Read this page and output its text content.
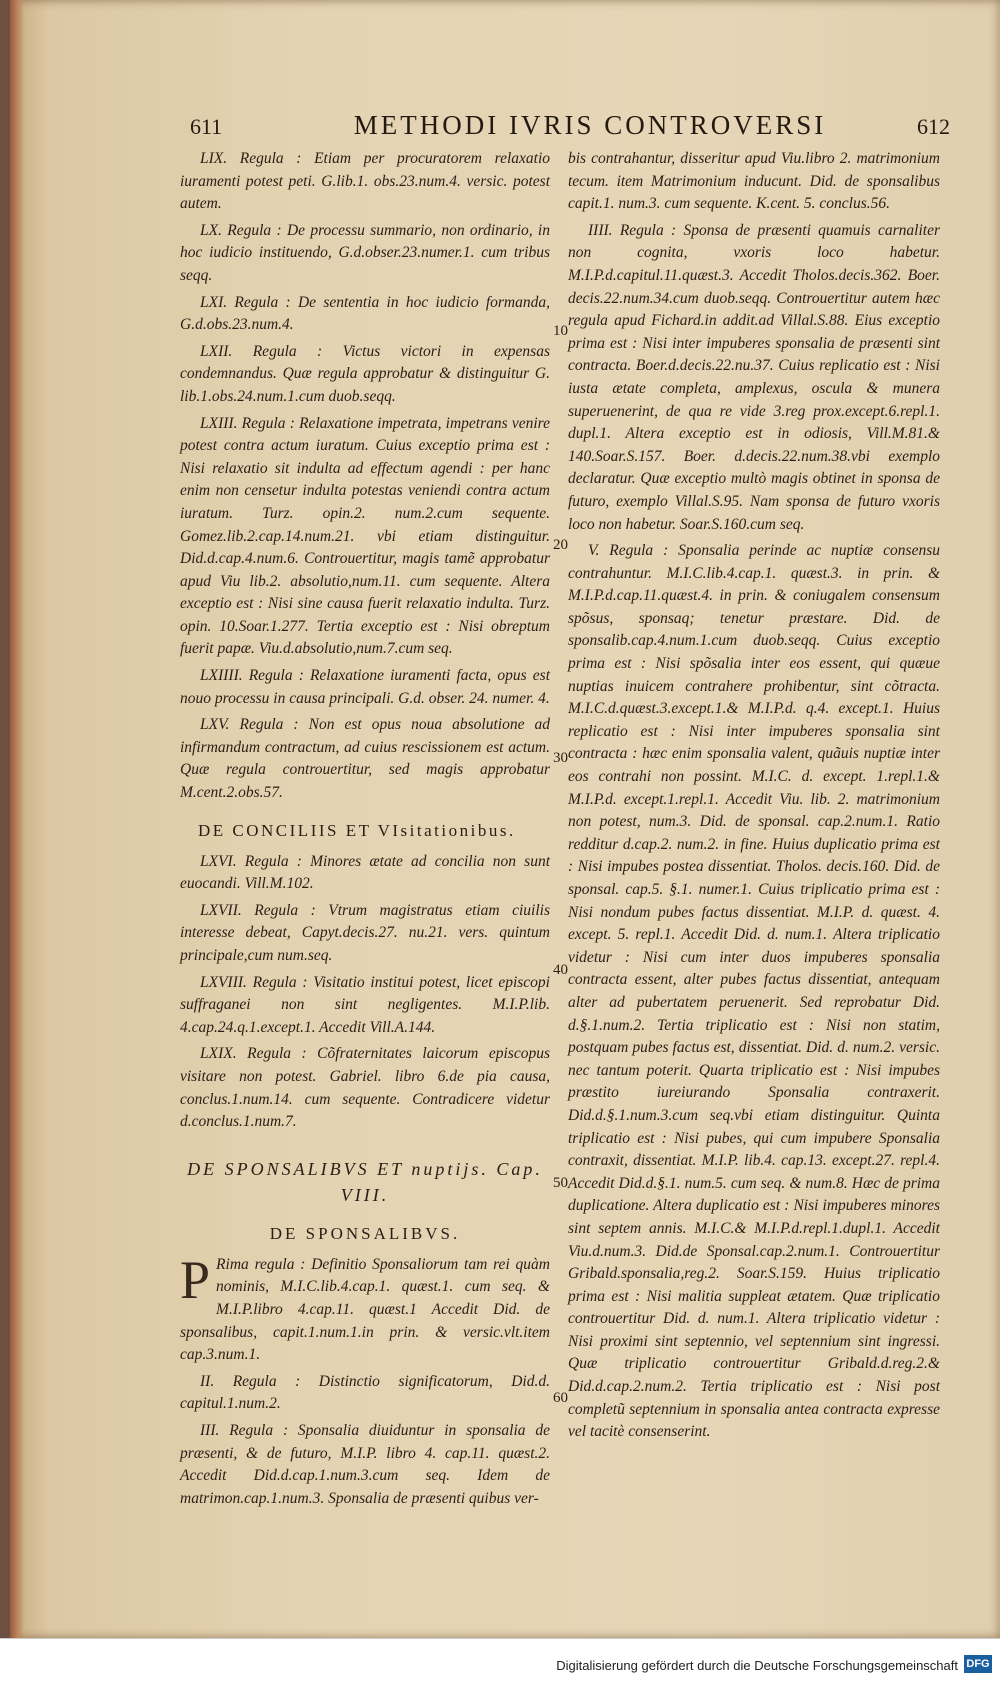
611	METHODI IVRIS CONTROVERSI	612

LIX. Regula : Etiam per procuratorem relaxatio iuramenti potest peti. G.lib.1. obs.23.num.4. versic. potest autem.

LX. Regula : De processu summario, non ordinario, in hoc iudicio instituendo, G.d.obser.23.numer.1. cum tribus seqq.

LXI. Regula : De sententia in hoc iudicio formanda, G.d.obs.23.num.4.

LXII. Regula : Victus victori in expensas condemnandus. Quæ regula approbatur & distinguitur G. lib.1.obs.24.num.1.cum duob.seqq.

LXIII. Regula : Relaxatione impetrata, impetrans venire potest contra actum iuratum. Cuius exceptio prima est : Nisi relaxatio sit indulta ad effectum agendi : per hanc enim non censetur indulta potestas veniendi contra actum iuratum. Turz. opin.2. num.2.cum sequente. Gomez.lib.2.cap.14.num.21. vbi etiam distinguitur. Did.d.cap.4.num.6. Controuertitur, magis tamẽ approbatur apud Viu lib.2. absolutio,num.11. cum sequente. Altera exceptio est : Nisi sine causa fuerit relaxatio indulta. Turz. opin. 10.Soar.1.277. Tertia exceptio est : Nisi obreptum fuerit papæ. Viu.d.absolutio,num.7.cum seq.

LXIIII. Regula : Relaxatione iuramenti facta, opus est nouo processu in causa principali. G.d. obser. 24. numer. 4.

LXV. Regula : Non est opus noua absolutione ad infirmandum contractum, ad cuius rescissionem est actum. Quæ regula controuertitur, sed magis approbatur M.cent.2.obs.57.

DE CONCILIIS ET VIsitationibus.

LXVI. Regula : Minores ætate ad concilia non sunt euocandi. Vill.M.102.

LXVII. Regula : Vtrum magistratus etiam ciuilis interesse debeat, Capyt.decis.27. nu.21. vers. quintum principale,cum num.seq.

LXVIII. Regula : Visitatio institui potest, licet episcopi suffraganei non sint negligentes. M.I.P.lib. 4.cap.24.q.1.except.1. Accedit Vill.A.144.

LXIX. Regula : Cõfraternitates laicorum episcopus visitare non potest. Gabriel. libro 6.de pia causa, conclus.1.num.14. cum sequente. Contradicere videtur d.conclus.1.num.7.

DE SPONSALIBVS ET nuptijs. Cap. VIII.
DE SPONSALIBVS.

P Rima regula : Definitio Sponsaliorum tam rei quàm nominis, M.I.C.lib.4.cap.1. quæst.1. cum seq. & M.I.P.libro 4.cap.11. quæst.1 Accedit Did. de sponsalibus, capit.1.num.1.in prin. & versic.vlt.item cap.3.num.1.

II. Regula : Distinctio significatorum, Did.d. capitul.1.num.2.

III. Regula : Sponsalia diuiduntur in sponsalia de præsenti, & de futuro, M.I.P. libro 4. cap.11. quæst.2. Accedit Did.d.cap.1.num.3.cum seq. Idem de matrimon.cap.1.num.3. Sponsalia de præsenti quibus ver-

bis contrahantur, disseritur apud Viu.libro 2. matrimonium tecum. item Matrimonium inducunt. Did. de sponsalibus capit.1. num.3. cum sequente. K.cent. 5. conclus.56.

IIII. Regula : Sponsa de præsenti quamuis carnaliter non cognita, vxoris loco habetur. M.I.P.d.capitul.11.quæst.3. Accedit Tholos.decis.362. Boer. decis.22.num.34.cum duob.seqq. Controuertitur autem hæc regula apud Fichard.in addit.ad Villal.S.88. Eius exceptio prima est : Nisi inter impuberes sponsalia de præsenti sint contracta. Boer.d.decis.22.nu.37. Cuius replicatio est : Nisi iusta ætate completa, amplexus, oscula & munera superuenerint, de qua re vide 3.reg prox.except.6.repl.1. dupl.1. Altera exceptio est in odiosis, Vill.M.81.& 140.Soar.S.157. Boer. d.decis.22.num.38.vbi exemplo declaratur. Quæ exceptio multò magis obtinet in sponsa de futuro, exemplo Villal.S.95. Nam sponsa de futuro vxoris loco non habetur. Soar.S.160.cum seq.

V. Regula : Sponsalia perinde ac nuptiæ consensu contrahuntur. M.I.C.lib.4.cap.1. quæst.3. in prin. & M.I.P.d.cap.11.quæst.4. in prin. & coniugalem consensum spõsus, sponsaq; tenetur præstare. Did. de sponsalib.cap.4.num.1.cum duob.seqq. Cuius exceptio prima est : Nisi spõsalia inter eos essent, qui quæue nuptias inuicem contrahere prohibentur, sint cõtracta. M.I.C.d.quæst.3.except.1.& M.I.P.d. q.4. except.1. Huius replicatio est : Nisi inter impuberes sponsalia sint contracta : hæc enim sponsalia valent, quãuis nuptiæ inter eos contrahi non possint. M.I.C. d. except. 1.repl.1.& M.I.P.d. except.1.repl.1. Accedit Viu. lib. 2. matrimonium non potest, num.3. Did. de sponsal. cap.2.num.1. Ratio redditur d.cap.2. num.2. in fine. Huius duplicatio prima est : Nisi impubes postea dissentiat. Tholos. decis.160. Did. de sponsal. cap.5. §.1. numer.1. Cuius triplicatio prima est : Nisi nondum pubes factus dissentiat. M.I.P. d. quæst. 4. except. 5. repl.1. Accedit Did. d. num.1. Altera triplicatio videtur : Nisi cum inter duos impuberes sponsalia contracta essent, alter pubes factus dissentiat, antequam alter ad pubertatem peruenerit. Sed reprobatur Did. d.§.1.num.2. Tertia triplicatio est : Nisi non statim, postquam pubes factus est, dissentiat. Did. d. num.2. versic. nec tantum poterit. Quarta triplicatio est : Nisi impubes præstito iureiurando Sponsalia contraxerit. Did.d.§.1.num.3.cum seq.vbi etiam distinguitur. Quinta triplicatio est : Nisi pubes, qui cum impubere Sponsalia contraxit, dissentiat. M.I.P. lib.4. cap.13. except.27. repl.4. Accedit Did.d.§.1. num.5. cum seq. & num.8. Hæc de prima duplicatione. Altera duplicatio est : Nisi impuberes minores sint septem annis. M.I.C.& M.I.P.d.repl.1.dupl.1. Accedit Viu.d.num.3. Did.de Sponsal.cap.2.num.1. Controuertitur Gribald.sponsalia,reg.2. Soar.S.159. Huius triplicatio prima est : Nisi malitia suppleat ætatem. Quæ triplicatio controuertitur Did. d. num.1. Altera triplicatio videtur : Nisi proximi sint septennio, vel septennium sint ingressi. Quæ triplicatio controuertitur Gribald.d.reg.2.& Did.d.cap.2.num.2. Tertia triplicatio est : Nisi post completũ septennium in sponsalia antea contracta expresse vel tacitè consenserint.

10
20
30
40
50
60
Digitalisierung gefördert durch die Deutsche Forschungsgemeinschaft DFG
